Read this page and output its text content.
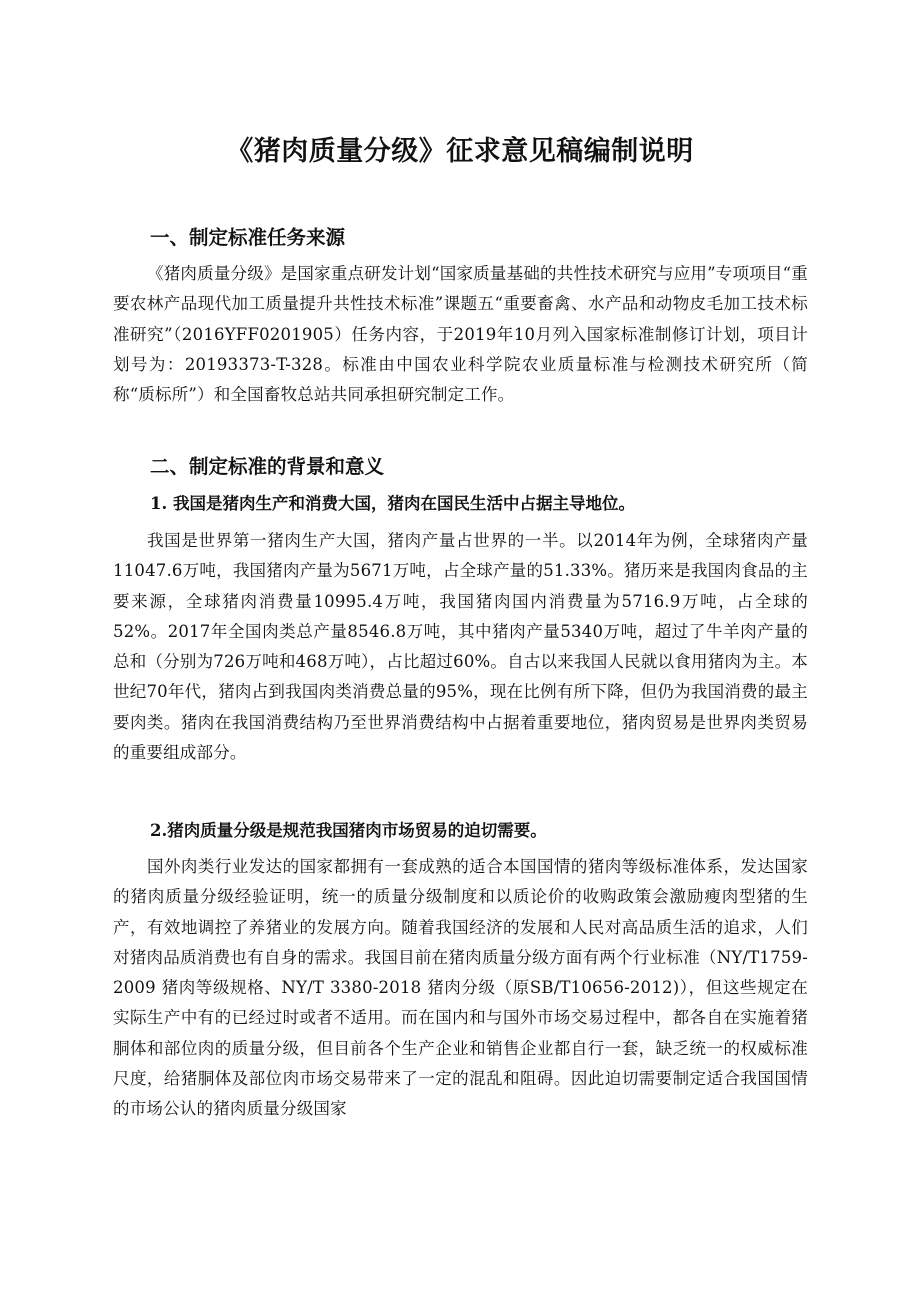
《猪肉质量分级》征求意见稿编制说明
一、制定标准任务来源
《猪肉质量分级》是国家重点研发计划“国家质量基础的共性技术研究与应用”专项项目“重要农林产品现代加工质量提升共性技术标准”课题五“重要畜禽、水产品和动物皮毛加工技术标准研究”（2016YFF0201905）任务内容，于2019年10月列入国家标准制修订计划，项目计划号为：20193373-T-328。标准由中国农业科学院农业质量标准与检测技术研究所（简称“质标所”）和全国畜牧总站共同承担研究制定工作。
二、制定标准的背景和意义
1. 我国是猪肉生产和消费大国，猪肉在国民生活中占据主导地位。
我国是世界第一猪肉生产大国，猪肉产量占世界的一半。以2014年为例，全球猪肉产量11047.6万吨，我国猪肉产量为5671万吨，占全球产量的51.33%。猪历来是我国肉食品的主要来源，全球猪肉消费量10995.4万吨，我国猪肉国内消费量为5716.9万吨，占全球的52%。2017年全国肉类总产量8546.8万吨，其中猪肉产量5340万吨，超过了牛羊肉产量的总和（分别为726万吨和468万吨），占比超过60%。自古以来我国人民就以食用猪肉为主。本世纪70年代，猪肉占到我国肉类消费总量的95%，现在比例有所下降，但仍为我国消费的最主要肉类。猪肉在我国消费结构乃至世界消费结构中占据着重要地位，猪肉贸易是世界肉类贸易的重要组成部分。
2.猪肉质量分级是规范我国猪肉市场贸易的迫切需要。
国外肉类行业发达的国家都拥有一套成熟的适合本国国情的猪肉等级标准体系，发达国家的猪肉质量分级经验证明，统一的质量分级制度和以质论价的收购政策会激励瘦肉型猪的生产，有效地调控了养猪业的发展方向。随着我国经济的发展和人民对高品质生活的追求，人们对猪肉品质消费也有自身的需求。我国目前在猪肉质量分级方面有两个行业标准（NY/T1759-2009 猪肉等级规格、NY/T 3380-2018 猪肉分级（原SB/T10656-2012)），但这些规定在实际生产中有的已经过时或者不适用。而在国内和与国外市场交易过程中，都各自在实施着猪胴体和部位肉的质量分级，但目前各个生产企业和销售企业都自行一套，缺乏统一的权威标准尺度，给猪胴体及部位肉市场交易带来了一定的混乱和阻碍。因此迫切需要制定适合我国国情的市场公认的猪肉质量分级国家
